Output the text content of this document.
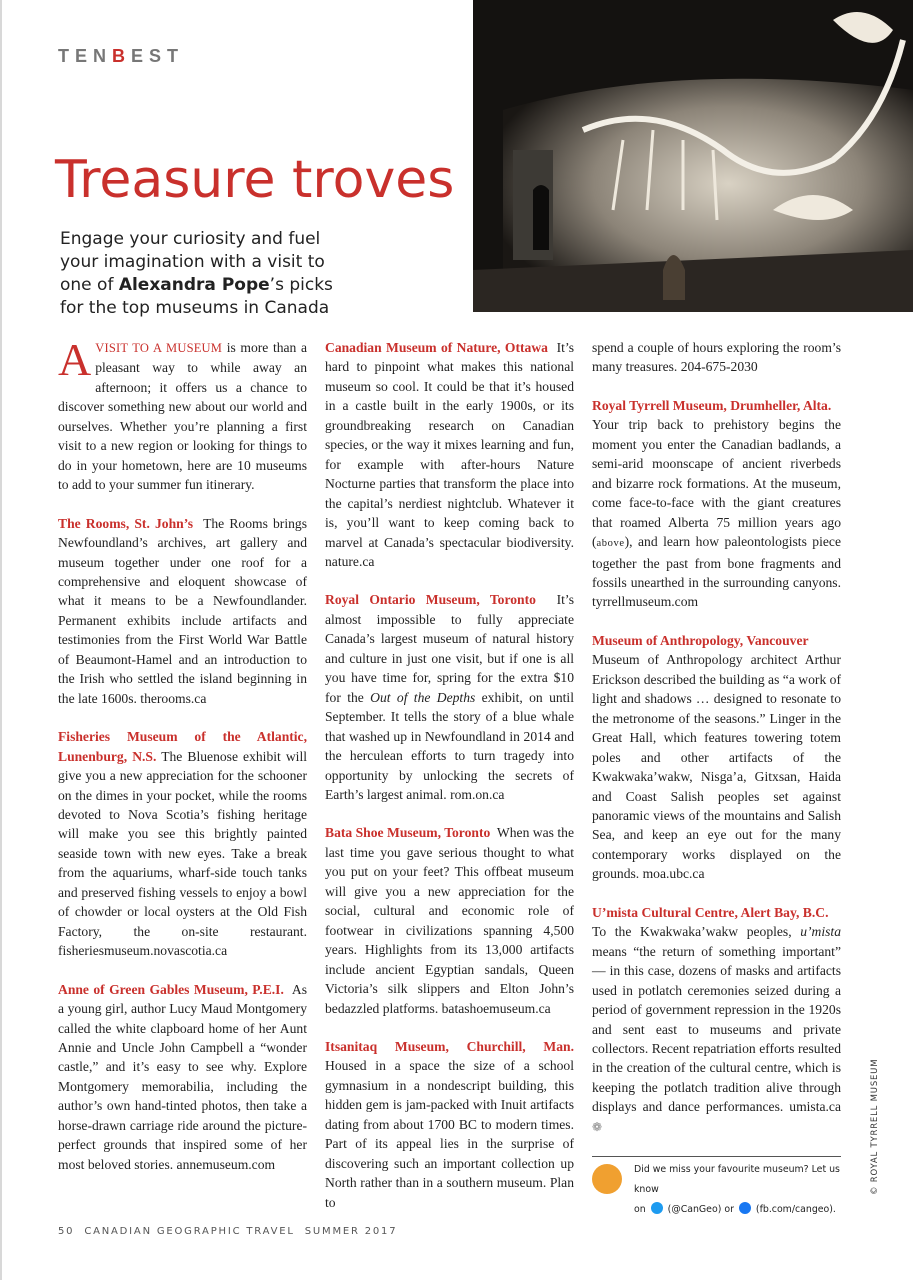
TENBEST
Treasure troves

Engage your curiosity and fuel your imagination with a visit to one of Alexandra Pope’s picks for the top museums in Canada

AVISIT TO A MUSEUM is more than a pleasant way to while away an afternoon; it offers us a chance to discover something new about our world and ourselves. Whether you’re planning a first visit to a new region or looking for things to do in your hometown, here are 10 museums to add to your summer fun itinerary.

The Rooms, St. John’s The Rooms brings Newfoundland’s archives, art gallery and museum together under one roof for a comprehensive and eloquent showcase of what it means to be a Newfoundlander. Permanent exhibits include artifacts and testimonies from the First World War Battle of Beaumont-Hamel and an introduction to the Irish who settled the island beginning in the late 1600s. therooms.ca

Fisheries Museum of the Atlantic, Lunenburg, N.S. The Bluenose exhibit will give you a new appreciation for the schooner on the dimes in your pocket, while the rooms devoted to Nova Scotia’s fishing heritage will make you see this brightly painted seaside town with new eyes. Take a break from the aquariums, wharf-side touch tanks and preserved fishing vessels to enjoy a bowl of chowder or local oysters at the Old Fish Factory, the on-site restaurant. fisheriesmuseum.novascotia.ca

Anne of Green Gables Museum, P.E.I. As a young girl, author Lucy Maud Montgomery called the white clapboard home of her Aunt Annie and Uncle John Campbell a “wonder castle,” and it’s easy to see why. Explore Montgomery memorabilia, including the author’s own hand-tinted photos, then take a horse-drawn carriage ride around the picture-perfect grounds that inspired some of her most beloved stories. annemuseum.com

Canadian Museum of Nature, Ottawa It’s hard to pinpoint what makes this national museum so cool. It could be that it’s housed in a castle built in the early 1900s, or its groundbreaking research on Canadian species, or the way it mixes learning and fun, for example with after-hours Nature Nocturne parties that transform the place into the capital’s nerdiest nightclub. Whatever it is, you’ll want to keep coming back to marvel at Canada’s spectacular biodiversity. nature.ca

Royal Ontario Museum, Toronto It’s almost impossible to fully appreciate Canada’s largest museum of natural history and culture in just one visit, but if one is all you have time for, spring for the extra $10 for the Out of the Depths exhibit, on until September. It tells the story of a blue whale that washed up in Newfoundland in 2014 and the herculean efforts to turn tragedy into opportunity by unlocking the secrets of Earth’s largest animal. rom.on.ca

Bata Shoe Museum, Toronto When was the last time you gave serious thought to what you put on your feet? This offbeat museum will give you a new appreciation for the social, cultural and economic role of footwear in civilizations spanning 4,500 years. Highlights from its 13,000 artifacts include ancient Egyptian sandals, Queen Victoria’s silk slippers and Elton John’s bedazzled platforms. batashoemuseum.ca

Itsanitaq Museum, Churchill, Man. Housed in a space the size of a school gymnasium in a nondescript building, this hidden gem is jam-packed with Inuit artifacts dating from about 1700 BC to modern times. Part of its appeal lies in the surprise of discovering such an important collection up North rather than in a southern museum. Plan to

spend a couple of hours exploring the room’s many treasures. 204-675-2030

Royal Tyrrell Museum, Drumheller, Alta.
Your trip back to prehistory begins the moment you enter the Canadian badlands, a semi-arid moonscape of ancient riverbeds and bizarre rock formations. At the museum, come face-to-face with the giant creatures that roamed Alberta 75 million years ago (above), and learn how paleontologists piece together the past from bone fragments and fossils unearthed in the surrounding canyons. tyrrellmuseum.com

Museum of Anthropology, Vancouver
Museum of Anthropology architect Arthur Erickson described the building as “a work of light and shadows … designed to resonate to the metronome of the seasons.” Linger in the Great Hall, which features towering totem poles and other artifacts of the Kwakwaka’wakw, Nisga’a, Gitxsan, Haida and Coast Salish peoples set against panoramic views of the mountains and Salish Sea, and keep an eye out for the many contemporary works displayed on the grounds. moa.ubc.ca

U’mista Cultural Centre, Alert Bay, B.C.
To the Kwakwaka’wakw peoples, u’mista means “the return of something important” — in this case, dozens of masks and artifacts used in potlatch ceremonies seized during a period of government repression in the 1920s and sent east to museums and private collectors. Recent repatriation efforts resulted in the creation of the cultural centre, which is keeping the potlatch tradition alive through displays and dance performances. umista.ca ❁

Did we miss your favourite museum? Let us know
on (@CanGeo) or (fb.com/cangeo).
© ROYAL TYRRELL MUSEUM
50 CANADIAN GEOGRAPHIC TRAVEL SUMMER 2017
